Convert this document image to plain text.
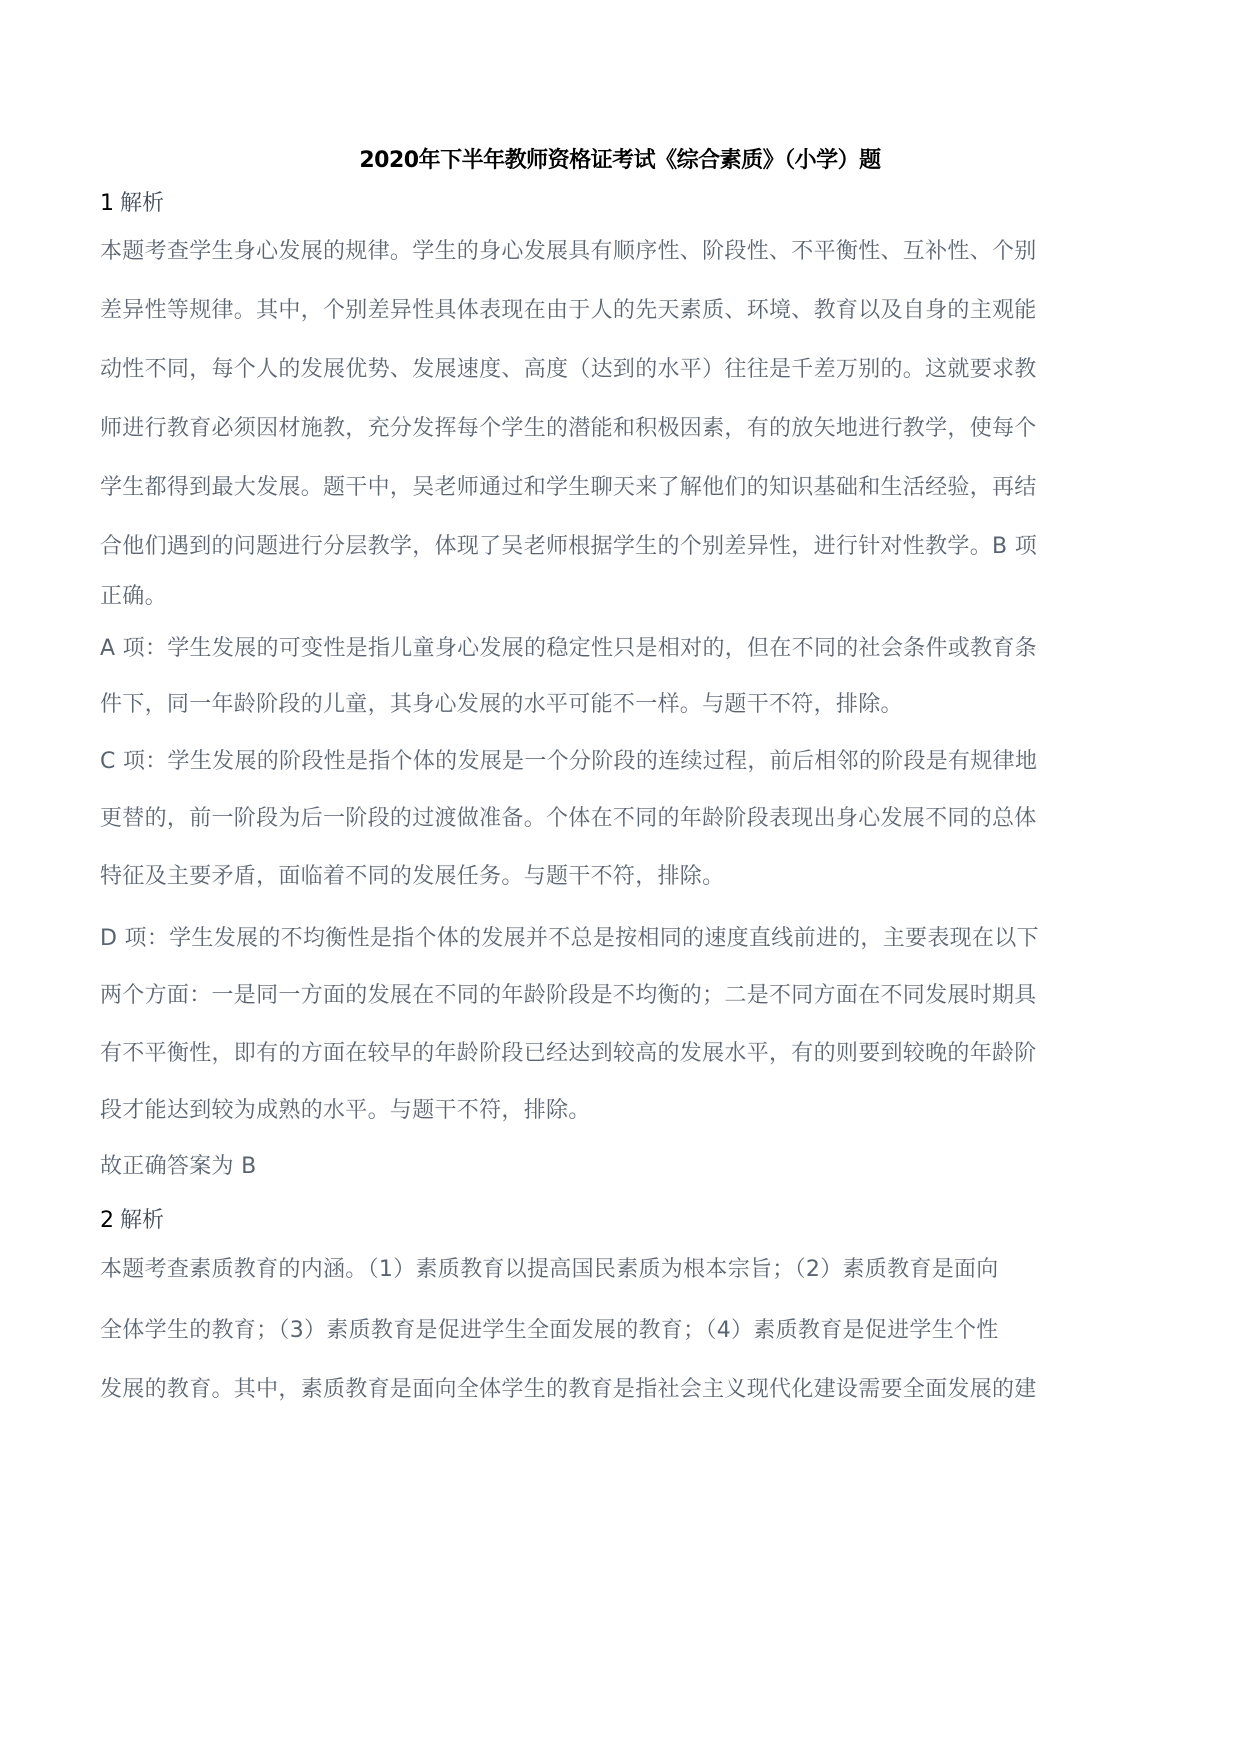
2020年下半年教师资格证考试《综合素质》（小学）题
1 解析
本题考查学生身心发展的规律。学生的身心发展具有顺序性、阶段性、不平衡性、互补性、个别
差异性等规律。其中，个别差异性具体表现在由于人的先天素质、环境、教育以及自身的主观能
动性不同，每个人的发展优势、发展速度、高度（达到的水平）往往是千差万别的。这就要求教
师进行教育必须因材施教，充分发挥每个学生的潜能和积极因素，有的放矢地进行教学，使每个
学生都得到最大发展。题干中，吴老师通过和学生聊天来了解他们的知识基础和生活经验，再结
合他们遇到的问题进行分层教学，体现了吴老师根据学生的个别差异性，进行针对性教学。B 项
正确。
A 项：学生发展的可变性是指儿童身心发展的稳定性只是相对的，但在不同的社会条件或教育条
件下，同一年龄阶段的儿童，其身心发展的水平可能不一样。与题干不符，排除。
C 项：学生发展的阶段性是指个体的发展是一个分阶段的连续过程，前后相邻的阶段是有规律地
更替的，前一阶段为后一阶段的过渡做准备。个体在不同的年龄阶段表现出身心发展不同的总体
特征及主要矛盾，面临着不同的发展任务。与题干不符，排除。
D 项：学生发展的不均衡性是指个体的发展并不总是按相同的速度直线前进的，主要表现在以下
两个方面：一是同一方面的发展在不同的年龄阶段是不均衡的；二是不同方面在不同发展时期具
有不平衡性，即有的方面在较早的年龄阶段已经达到较高的发展水平，有的则要到较晚的年龄阶
段才能达到较为成熟的水平。与题干不符，排除。
故正确答案为 B
2 解析
本题考查素质教育的内涵。（1）素质教育以提高国民素质为根本宗旨；（2）素质教育是面向
全体学生的教育；（3）素质教育是促进学生全面发展的教育；（4）素质教育是促进学生个性
发展的教育。其中，素质教育是面向全体学生的教育是指社会主义现代化建设需要全面发展的建
